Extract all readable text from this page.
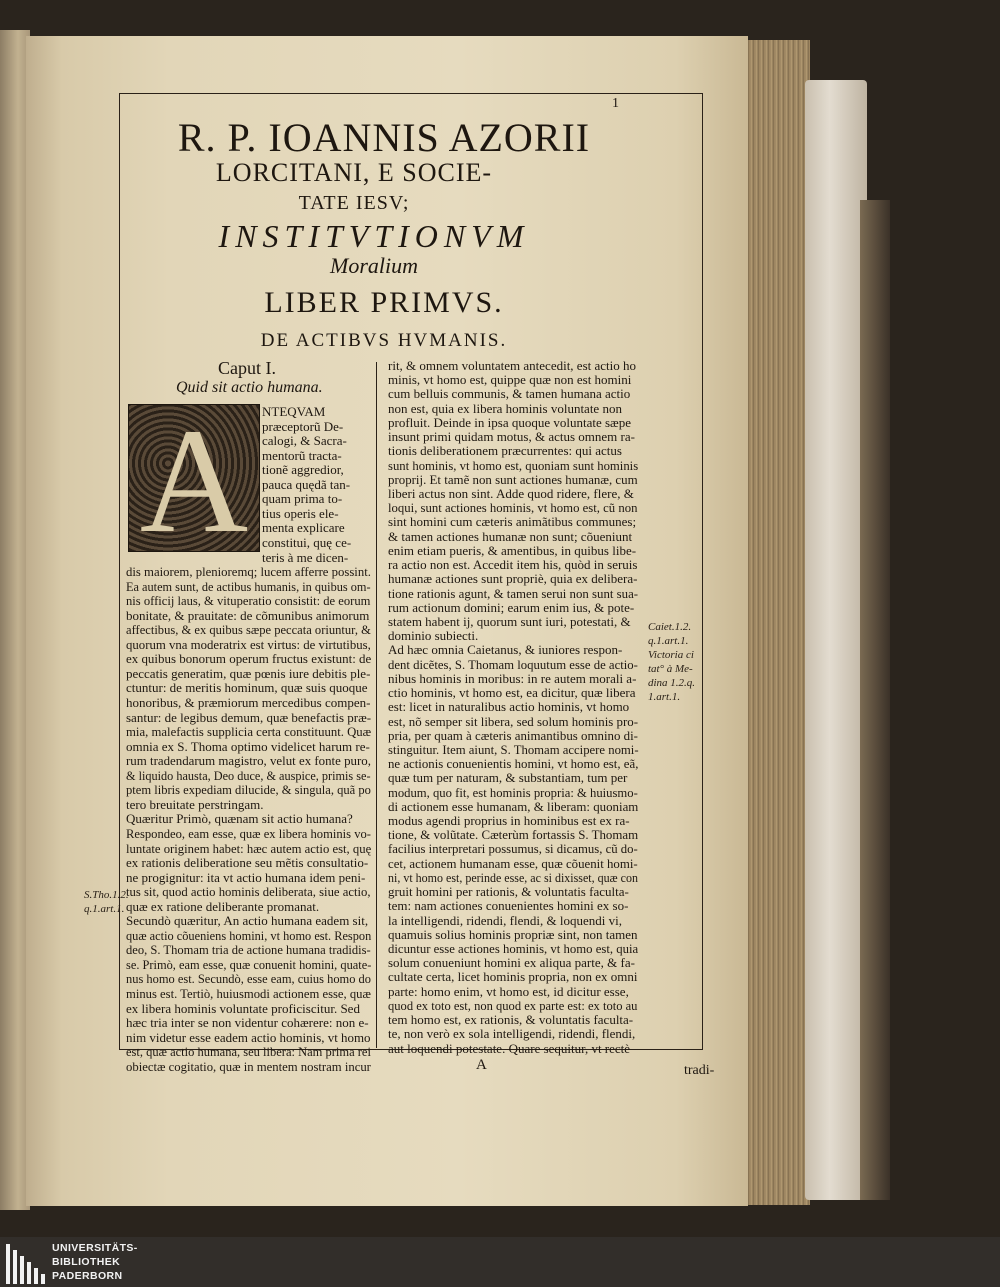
1
R. P. IOANNIS AZORII
LORCITANI, E SOCIE-
TATE IESV;
INSTITVTIONVM
Moralium
LIBER PRIMVS.
DE ACTIBVS HVMANIS.
Caput I.
Quid sit actio humana.
A	NTEQVAM
præceptorũ De-
calogi, & Sacra-
mentorũ tracta-
tionẽ aggredior,
pauca quędã tan-
quam prima to-
tius operis ele-
menta explicare
constitui, quę ce-
teris à me dicen-
dis maiorem, plenioremq; lucem afferre possint.
Ea autem sunt, de actibus humanis, in quibus om-
nis officij laus, & vituperatio consistit: de eorum
bonitate, & prauitate: de cõmunibus animorum
affectibus, & ex quibus sæpe peccata oriuntur, &
quorum vna moderatrix est virtus: de virtutibus,
ex quibus bonorum operum fructus existunt: de
peccatis generatim, quæ pœnis iure debitis ple-
ctuntur: de meritis hominum, quæ suis quoque
honoribus, & præmiorum mercedibus compen-
santur: de legibus demum, quæ benefactis præ-
mia, malefactis supplicia certa constituunt. Quæ
omnia ex S. Thoma optimo videlicet harum re-
rum tradendarum magistro, velut ex fonte puro,
& liquido hausta, Deo duce, & auspice, primis se-
ptem libris expediam dilucide, & singula, quã po
tero breuitate perstringam.
Quæritur Primò, quænam sit actio humana?
Respondeo, eam esse, quæ ex libera hominis vo-
luntate originem habet: hæc autem actio est, quę
ex rationis deliberatione seu mẽtis consultatio-
ne progignitur: ita vt actio humana idem peni-
tus sit, quod actio hominis deliberata, siue actio,
quæ ex ratione deliberante promanat.
Secundò quæritur, An actio humana eadem sit,
quæ actio cõueniens homini, vt homo est. Respon
deo, S. Thomam tria de actione humana tradidis-
se. Primò, eam esse, quæ conuenit homini, quate-
nus homo est. Secundò, esse eam, cuius homo do
minus est. Tertiò, huiusmodi actionem esse, quæ
ex libera hominis voluntate proficiscitur. Sed
hæc tria inter se non videntur cohærere: non e-
nim videtur esse eadem actio hominis, vt homo
est, quæ actio humana, seu libera: Nam prima rei
obiectæ cogitatio, quæ in mentem nostram incur
rit, & omnem voluntatem antecedit, est actio ho
minis, vt homo est, quippe quæ non est homini
cum belluis communis, & tamen humana actio
non est, quia ex libera hominis voluntate non
profluit. Deinde in ipsa quoque voluntate sæpe
insunt primi quidam motus, & actus omnem ra-
tionis deliberationem præcurrentes: qui actus
sunt hominis, vt homo est, quoniam sunt hominis
proprij. Et tamẽ non sunt actiones humanæ, cum
liberi actus non sint. Adde quod ridere, flere, &
loqui, sunt actiones hominis, vt homo est, cũ non
sint homini cum cæteris animãtibus communes;
& tamen actiones humanæ non sunt; cõueniunt
enim etiam pueris, & amentibus, in quibus libe-
ra actio non est. Accedit item his, quòd in seruis
humanæ actiones sunt propriè, quia ex delibera-
tione rationis agunt, & tamen serui non sunt sua-
rum actionum domini; earum enim ius, & pote-
statem habent ij, quorum sunt iuri, potestati, &
dominio subiecti.
Ad hæc omnia Caietanus, & iuniores respon-
dent dicẽtes, S. Thomam loquutum esse de actio-
nibus hominis in moribus: in re autem morali a-
ctio hominis, vt homo est, ea dicitur, quæ libera
est: licet in naturalibus actio hominis, vt homo
est, nõ semper sit libera, sed solum hominis pro-
pria, per quam à cæteris animantibus omnino di-
stinguitur. Item aiunt, S. Thomam accipere nomi-
ne actionis conuenientis homini, vt homo est, eã,
quæ tum per naturam, & substantiam, tum per
modum, quo fit, est hominis propria: & huiusmo-
di actionem esse humanam, & liberam: quoniam
modus agendi proprius in hominibus est ex ra-
tione, & volũtate. Cæterùm fortassis S. Thomam
facilius interpretari possumus, si dicamus, cũ do-
cet, actionem humanam esse, quæ cõuenit homi-
ni, vt homo est, perinde esse, ac si dixisset, quæ con
gruit homini per rationis, & voluntatis faculta-
tem: nam actiones conuenientes homini ex so-
la intelligendi, ridendi, flendi, & loquendi vi,
quamuis solius hominis propriæ sint, non tamen
dicuntur esse actiones hominis, vt homo est, quia
solum conueniunt homini ex aliqua parte, & fa-
cultate certa, licet hominis propria, non ex omni
parte: homo enim, vt homo est, id dicitur esse,
quod ex toto est, non quod ex parte est: ex toto au
tem homo est, ex rationis, & voluntatis faculta-
te, non verò ex sola intelligendi, ridendi, flendi,
aut loquendi potestate. Quare sequitur, vt rectè
S.Tho.1.2.
q.1.art.1.
Caiet.1.2.
q.1.art.1.
Victoria ci
tat° à Me-
dina 1.2.q.
1.art.1.
A	tradi-
UNIVERSITÄTS-
BIBLIOTHEK
PADERBORN
